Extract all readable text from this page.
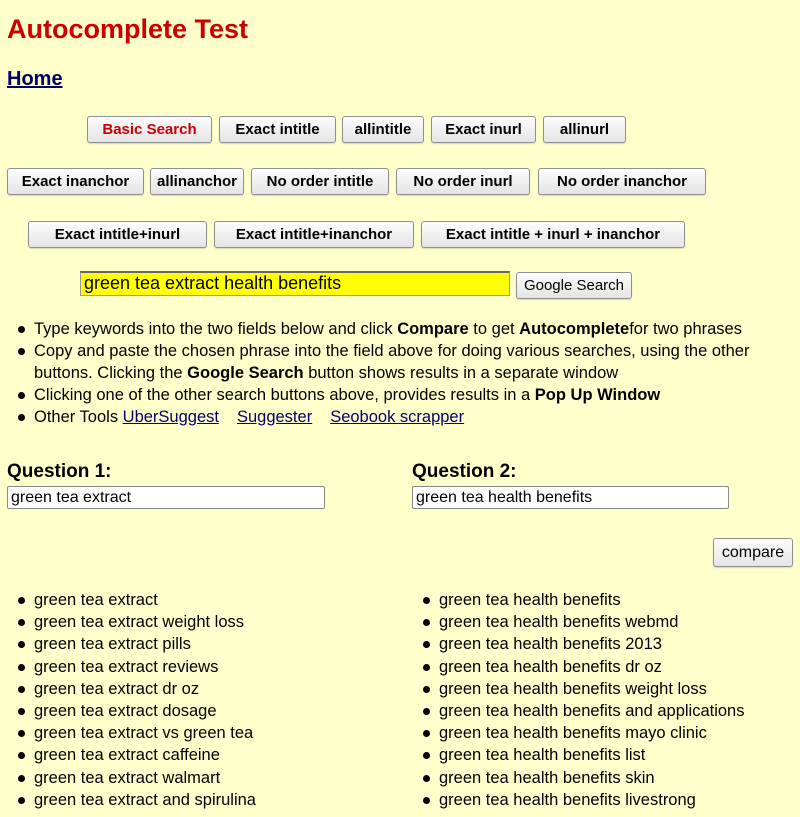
Autocomplete Test
Home
Basic Search	Exact intitle	allintitle	Exact inurl	allinurl
Exact inanchor	allinanchor	No order intitle	No order inurl	No order inanchor
Exact intitle+inurl	Exact intitle+inanchor	Exact intitle + inurl + inanchor
green tea extract health benefits	Google Search
Type keywords into the two fields below and click Compare to get Autocompletefor two phrases
Copy and paste the chosen phrase into the field above for doing various searches, using the other buttons. Clicking the Google Search button shows results in a separate window
Clicking one of the other search buttons above, provides results in a Pop Up Window
Other Tools UberSuggest Suggester Seobook scrapper
Question 1:
green tea extract
Question 2:
green tea health benefits
compare
green tea extract
green tea extract weight loss
green tea extract pills
green tea extract reviews
green tea extract dr oz
green tea extract dosage
green tea extract vs green tea
green tea extract caffeine
green tea extract walmart
green tea extract and spirulina
green tea health benefits
green tea health benefits webmd
green tea health benefits 2013
green tea health benefits dr oz
green tea health benefits weight loss
green tea health benefits and applications
green tea health benefits mayo clinic
green tea health benefits list
green tea health benefits skin
green tea health benefits livestrong
